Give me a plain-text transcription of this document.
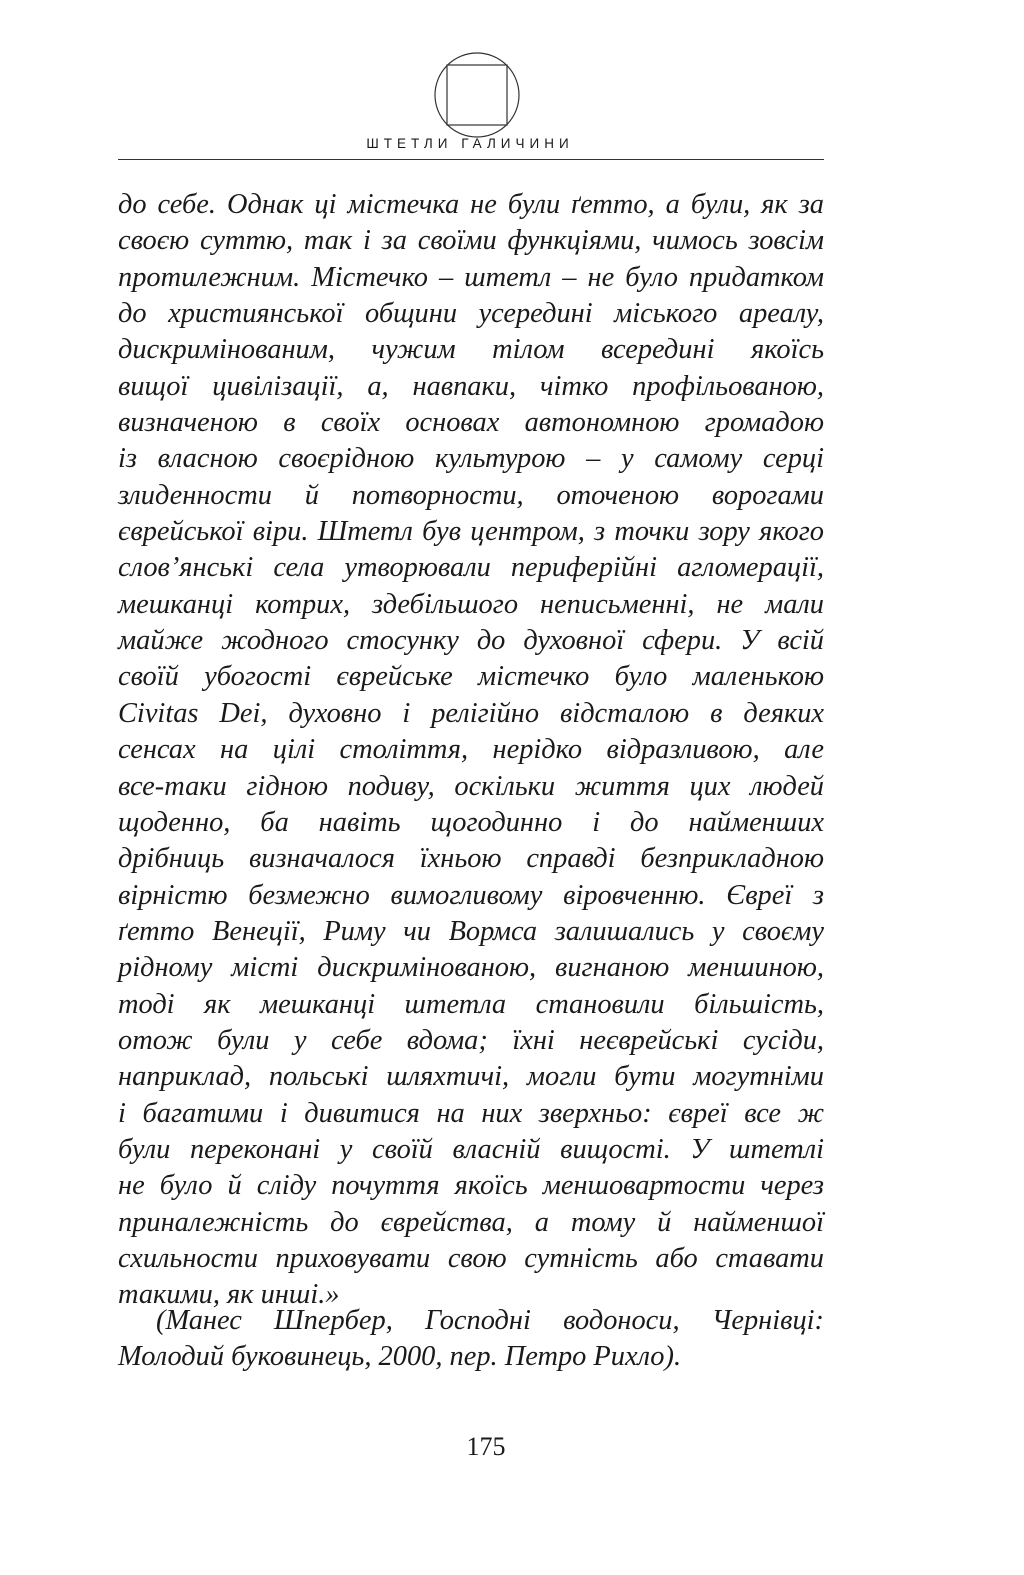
ШТЕТЛИ ГАЛИЧИНИ
до себе. Однак ці містечка не були ґетто, а були, як за
своєю суттю, так і за своїми функціями, чимось зовсім
протилежним. Містечко – штетл – не було придатком
до християнської общини усередині міського ареалу,
дискримінованим, чужим тілом всередині якоїсь
вищої цивілізації, а, навпаки, чітко профільованою,
визначеною в своїх основах автономною громадою
із власною своєрідною культурою – у самому серці
злиденности й потворности, оточеною ворогами
єврейської віри. Штетл був центром, з точки зору якого
слов’янські села утворювали периферійні агломерації,
мешканці котрих, здебільшого неписьменні, не мали
майже жодного стосунку до духовної сфери. У всій
своїй убогості єврейське містечко було маленькою
Civitas Dei, духовно і релігійно відсталою в деяких
сенсах на цілі століття, нерідко відразливою, але
все-таки гідною подиву, оскільки життя цих людей
щоденно, ба навіть щогодинно і до найменших
дрібниць визначалося їхньою справді безприкладною
вірністю безмежно вимогливому віровченню. Євреї з
ґетто Венеції, Риму чи Вормса залишались у своєму
рідному місті дискримінованою, вигнаною меншиною,
тоді як мешканці штетла становили більшість,
отож були у себе вдома; їхні неєврейські сусіди,
наприклад, польські шляхтичі, могли бути могутніми
і багатими і дивитися на них зверхньо: євреї все ж
були переконані у своїй власній вищості. У штетлі
не було й сліду почуття якоїсь меншовартости через
приналежність до єврейства, а тому й найменшої
схильности приховувати свою сутність або ставати
такими, як инші.»
(Манес Шпербер, Господні водоноси, Чернівці:
Молодий буковинець, 2000, пер. Петро Рихло).
175
